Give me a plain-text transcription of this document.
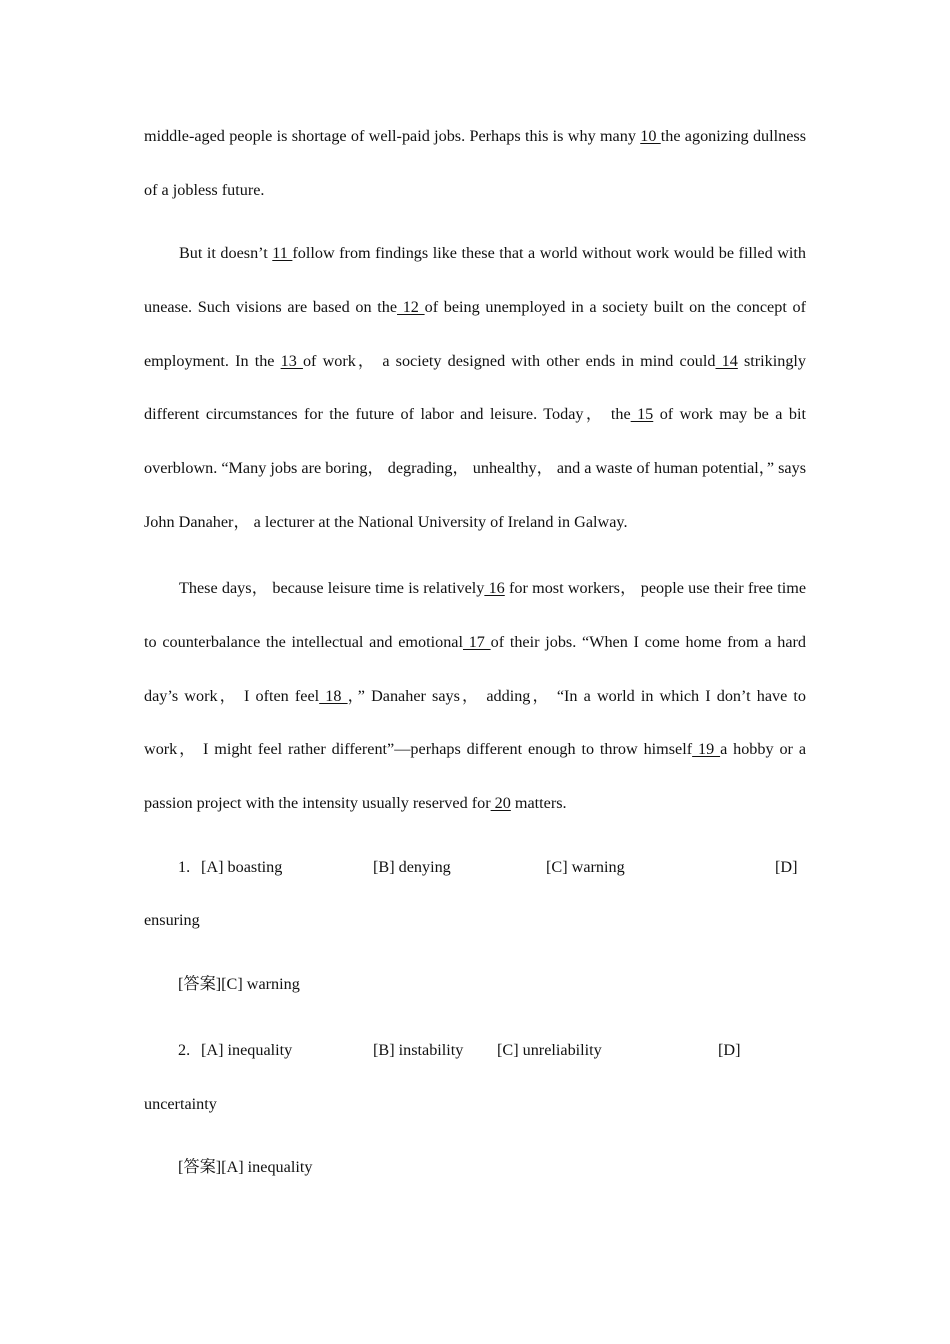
middle-aged people is shortage of well-paid jobs. Perhaps this is why many 10 the agonizing dullness of a jobless future.

But it doesn’t 11 follow from findings like these that a world without work would be filled with unease. Such visions are based on the 12 of being unemployed in a society built on the concept of employment. In the 13 of work， a society designed with other ends in mind could 14 strikingly different circumstances for the future of labor and leisure. Today， the 15 of work may be a bit overblown. “Many jobs are boring， degrading， unhealthy， and a waste of human potential，” says John Danaher， a lecturer at the National University of Ireland in Galway.

These days， because leisure time is relatively 16 for most workers， people use their free time to counterbalance the intellectual and emotional 17 of their jobs. “When I come home from a hard day’s work， I often feel 18 ，” Danaher says， adding， “In a world in which I don’t have to work， I might feel rather different”—perhaps different enough to throw himself 19 a hobby or a passion project with the intensity usually reserved for 20 matters.

1. [A] boasting	[B] denying	[C] warning	[D]
ensuring
[答案][C] warning
2. [A] inequality	[B] instability [C] unreliability	[D]
uncertainty
[答案][A] inequality
